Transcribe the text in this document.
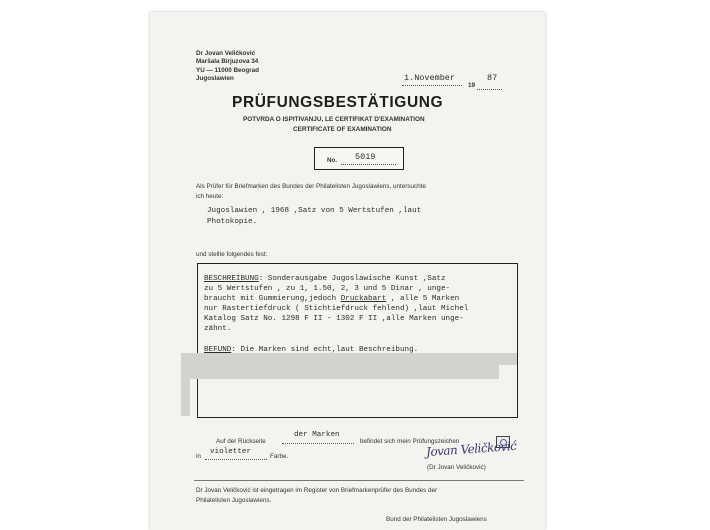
Dr Jovan Veličković
Maršala Birjuzova 34
YU — 11000 Beograd
Jugoslawien	1.November	87
19
PRÜFUNGSBESTÄTIGUNG
POTVRDA O ISPITIVANJU, LE CERTIFIKAT D'EXAMINATION
CERTIFICATE OF EXAMINATION
No. 5019
Als Prüfer für Briefmarken des Bundes der Philatelisten Jugoslawiens, untersuchte
ich heute:
Jugoslawien , 1968 ,Satz von 5 Wertstufen ,laut
Photokopie.
und stellte folgendes fest:
BESCHREIBUNG: Sonderausgabe Jugoslawische Kunst ,Satz
zu 5 Wertstufen , zu 1, 1.50, 2, 3 und 5 Dinar , unge-
braucht mit Gummierung,jedoch Druckabart , alle 5 Marken
nur Rastertiefdruck ( Stichtiefdruck fehlend) ,laut Michel
Katalog Satz No. 1298 F II - 1302 F II ,alle Marken unge-
zähnt.
BEFUND: Die Marken sind echt,laut Beschreibung.
Auf der Rückseite
der Marken
befindet sich mein Prüfungszeichen
in
violetter
Farbe.	Jovan Veličković
(Dr Jovan Veličković)
Dr Jovan Veličković ist eingetragen im Register von Briefmarkenprüfer des Bundes der
Philatelisten Jugoslawiens.
Bund der Philatelisten Jugoslawiens
